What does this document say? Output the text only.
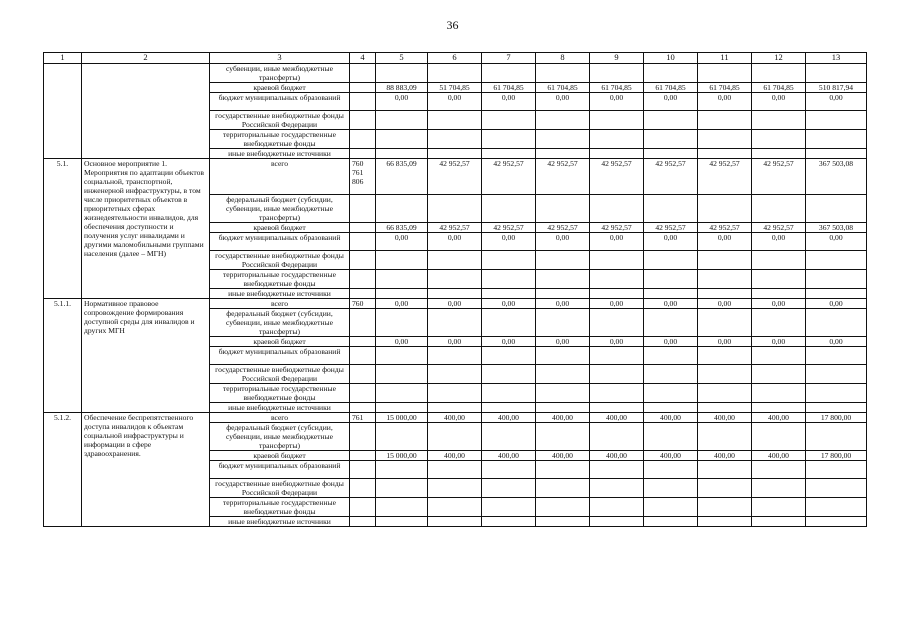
36
1	2	3	4	5	6	7	8	9	10	11	12	13
		субвенции, иные межбюджетные трансферты)										
		краевой бюджет		88 883,09	51 704,85	61 704,85	61 704,85	61 704,85	61 704,85	61 704,85	61 704,85	510 817,94
		бюджет муниципальных образований		0,00	0,00	0,00	0,00	0,00	0,00	0,00	0,00	0,00
		государственные внебюджетные фонды Российской Федерации										
		территориальные государственные внебюджетные фонды										
		иные внебюджетные источники										
5.1.	Основное мероприятие 1. Мероприятия по адаптации объектов социальной, транспортной, инженерной инфраструктуры, в том числе приоритетных объектов в приоритетных сферах жизнедеятельности инвалидов, для обеспечения доступности и получения услуг инвалидами и другими маломобильными группами населения (далее – МГН)	всего	760 761 806	66 835,09	42 952,57	42 952,57	42 952,57	42 952,57	42 952,57	42 952,57	42 952,57	367 503,08
		федеральный бюджет (субсидии, субвенции, иные межбюджетные трансферты)										
		краевой бюджет		66 835,09	42 952,57	42 952,57	42 952,57	42 952,57	42 952,57	42 952,57	42 952,57	367 503,08
		бюджет муниципальных образований		0,00	0,00	0,00	0,00	0,00	0,00	0,00	0,00	0,00
		государственные внебюджетные фонды Российской Федерации										
		территориальные государственные внебюджетные фонды										
		иные внебюджетные источники										
5.1.1.	Нормативное правовое сопровождение формирования доступной среды для инвалидов и других МГН	всего	760	0,00	0,00	0,00	0,00	0,00	0,00	0,00	0,00	0,00
		федеральный бюджет (субсидии, субвенции, иные межбюджетные трансферты)										
		краевой бюджет		0,00	0,00	0,00	0,00	0,00	0,00	0,00	0,00	0,00
		бюджет муниципальных образований										
		государственные внебюджетные фонды Российской Федерации										
		территориальные государственные внебюджетные фонды										
		иные внебюджетные источники										
5.1.2.	Обеспечение беспрепятственного доступа инвалидов к объектам социальной инфраструктуры и информации в сфере здравоохранения.	всего	761	15 000,00	400,00	400,00	400,00	400,00	400,00	400,00	400,00	17 800,00
		федеральный бюджет (субсидии, субвенции, иные межбюджетные трансферты)										
		краевой бюджет		15 000,00	400,00	400,00	400,00	400,00	400,00	400,00	400,00	17 800,00
		бюджет муниципальных образований										
		государственные внебюджетные фонды Российской Федерации										
		территориальные государственные внебюджетные фонды										
		иные внебюджетные источники										
